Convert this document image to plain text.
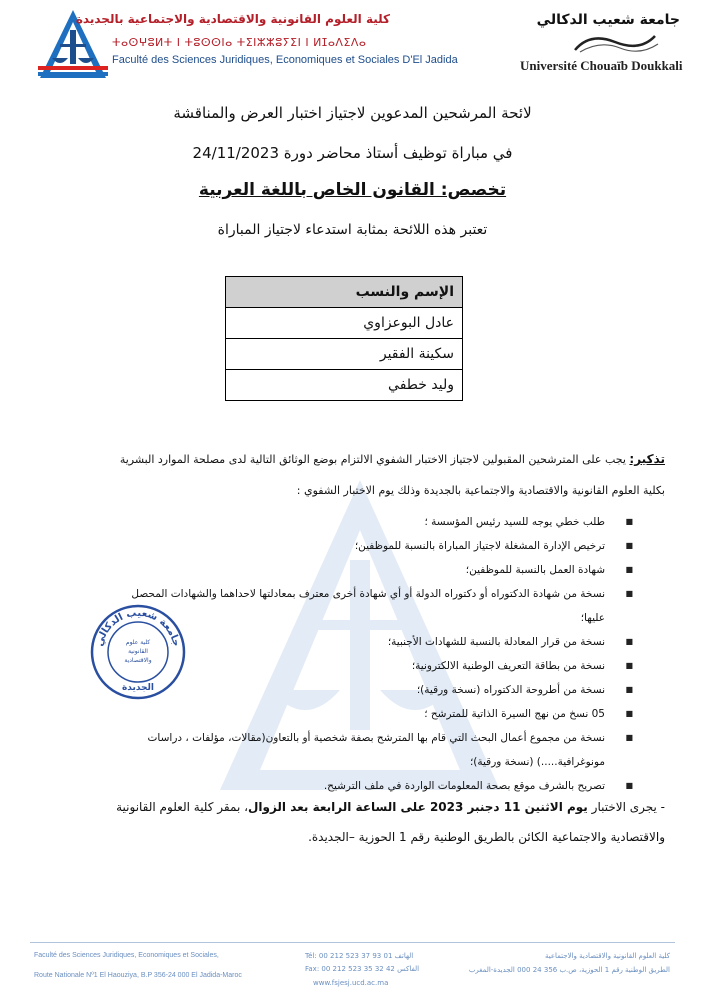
كلية العلوم القانونية والاقتصادية والاجتماعية بالجديدة
ⵜⴰⵙⵖⵓⵍⵜ ⵏ ⵜⵓⵙⵙⵏⴰ ⵜⵉⵏⵣⵣⵓⵢⵉⵏ ⵏ ⵍⵊⴰⴷⵉⴷⴰ
Faculté des Sciences Juridiques, Economiques et Sociales D'El Jadida
جامعة شعيب الدكالي
Université Chouaïb Doukkali
لائحة المرشحين المدعوين لاجتياز اختبار العرض والمناقشة
في مباراة توظيف أستاذ محاضر دورة 24/11/2023
تخصص: القانون الخاص باللغة العربية
تعتبر هذه اللائحة بمثابة استدعاء لاجتياز المباراة
الإسم والنسب
عادل البوعزاوي
سكينة الفقير
وليد خطفي
تذكير: يجب على المترشحين المقبولين لاجتياز الاختبار الشفوي الالتزام بوضع الوثائق التالية لدى مصلحة الموارد البشرية
بكلية العلوم القانونية والاقتصادية والاجتماعية بالجديدة وذلك يوم الاختبار الشفوي :
■ طلب خطي يوجه للسيد رئيس المؤسسة ؛
■ ترخيص الإدارة المشغلة لاجتياز المباراة بالنسبة للموظفين؛
■ شهادة العمل بالنسبة للموظفين؛
■ نسخة من شهادة الدكتوراه أو دكتوراه الدولة أو أي شهادة أخرى معترف بمعادلتها لاحداهما والشهادات المحصل
عليها؛
■ نسخة من قرار المعادلة بالنسبة للشهادات الأجنبية؛
■ نسخة من بطاقة التعريف الوطنية الالكترونية؛
■ نسخة من أطروحة الدكتوراه (نسخة ورقية)؛
■ 05 نسخ من نهج السيرة الذاتية للمترشح ؛
■ نسخة من مجموع أعمال البحث التي قام بها المترشح بصفة شخصية أو بالتعاون(مقالات، مؤلفات ، دراسات
مونوغرافية.....) (نسخة ورقية)؛
■ تصريح بالشرف موقع بصحة المعلومات الواردة في ملف الترشيح.
جامعة شعيب الدكالي
كلية علوم
القانونية
والاقتصادية
الجديدة
- يجرى الاختبار يوم الاثنين 11 دجنبر 2023 على الساعة الرابعة بعد الزوال، بمقر كلية العلوم القانونية
والاقتصادية والاجتماعية الكائن بالطريق الوطنية رقم 1 الحوزية –الجديدة.
Faculté des Sciences Juridiques, Economiques et Sociales,
Route Nationale Nº1 El Haouziya, B.P 356-24 000 El Jadida-Maroc
Tél: 00 212 523 37 93 01 الهاتف
Fax: 00 212 523 35 32 42 الفاكس
www.fsjesj.ucd.ac.ma
كلية العلوم القانونية والاقتصادية والاجتماعية
الطريق الوطنية رقم 1 الحوزية، ص.ب 356 24 000 الجديدة-المغرب
